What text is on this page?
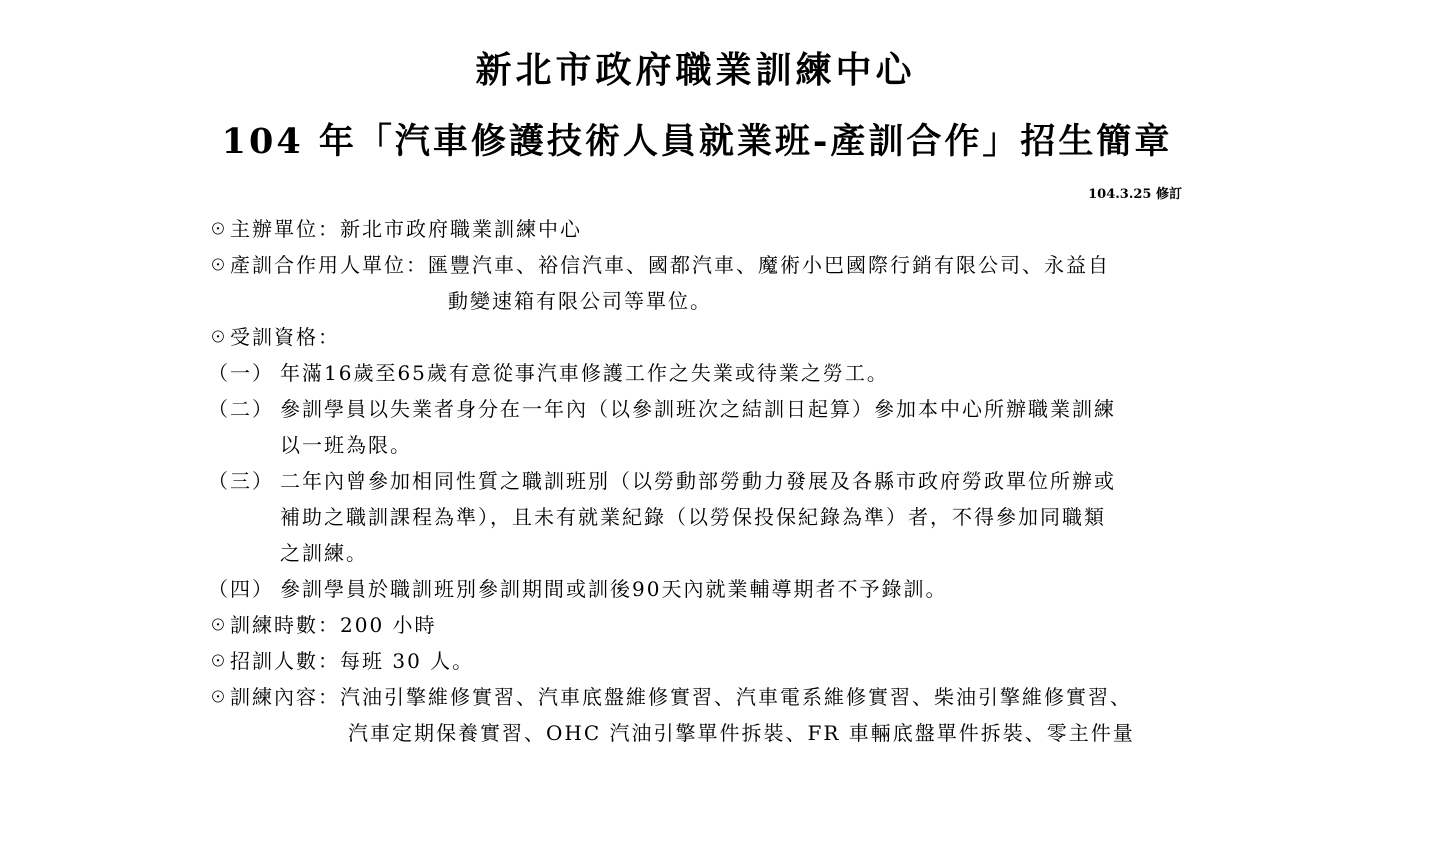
新北市政府職業訓練中心
104 年「汽車修護技術人員就業班-產訓合作」招生簡章
104.3.25 修訂
☉主辦單位：新北市政府職業訓練中心
☉產訓合作用人單位：匯豐汽車、裕信汽車、國都汽車、魔術小巴國際行銷有限公司、永益自
動變速箱有限公司等單位。
☉受訓資格：
（一） 年滿16歲至65歲有意從事汽車修護工作之失業或待業之勞工。
（二） 參訓學員以失業者身分在一年內（以參訓班次之結訓日起算）參加本中心所辦職業訓練
以一班為限。
（三） 二年內曾參加相同性質之職訓班別（以勞動部勞動力發展及各縣市政府勞政單位所辦或
補助之職訓課程為準），且未有就業紀錄（以勞保投保紀錄為準）者，不得參加同職類
之訓練。
（四） 參訓學員於職訓班別參訓期間或訓後90天內就業輔導期者不予錄訓。
☉訓練時數：200 小時
☉招訓人數：每班 30 人。
☉訓練內容：汽油引擎維修實習、汽車底盤維修實習、汽車電系維修實習、柴油引擎維修實習、
汽車定期保養實習、OHC 汽油引擎單件拆裝、FR 車輛底盤單件拆裝、零主件量
